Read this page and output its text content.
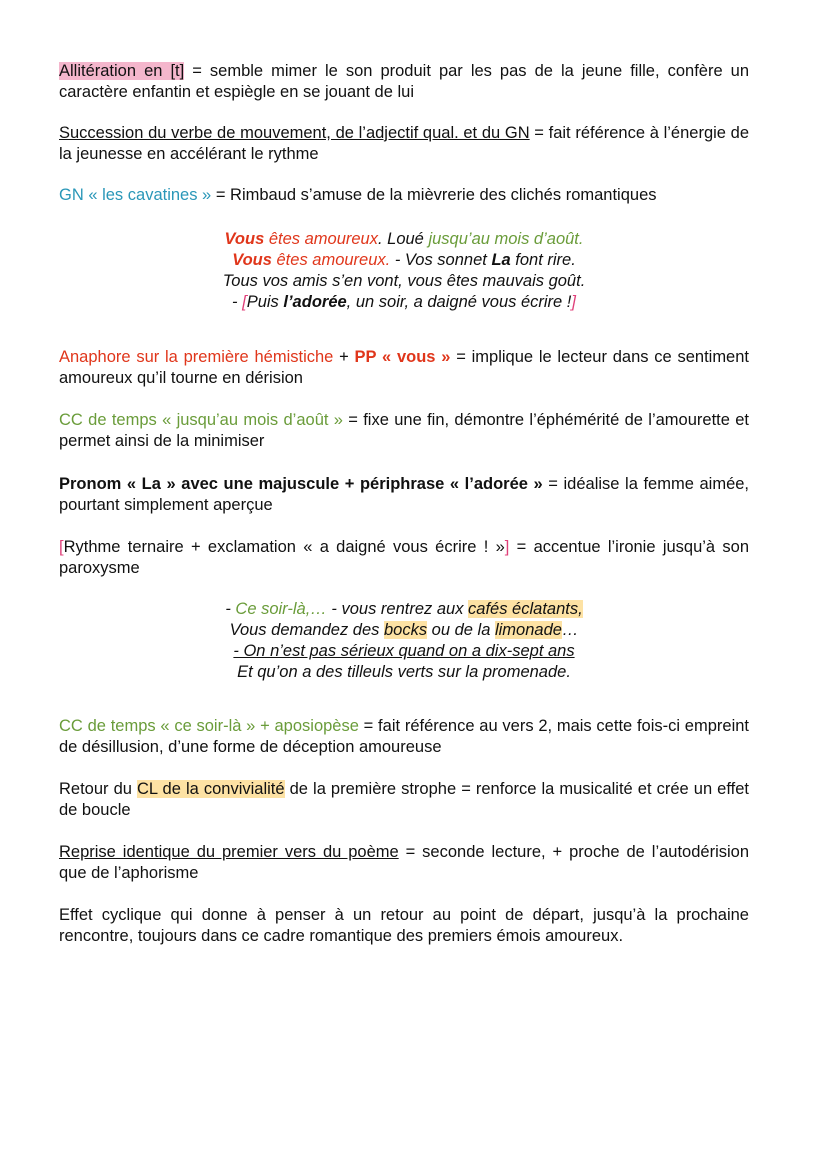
Allitération en [t] = semble mimer le son produit par les pas de la jeune fille, confère un caractère enfantin et espiègle en se jouant de lui

Succession du verbe de mouvement, de l’adjectif qual. et du GN = fait référence à l’énergie de la jeunesse en accélérant le rythme

GN « les cavatines » = Rimbaud s’amuse de la mièvrerie des clichés romantiques

Vous êtes amoureux. Loué jusqu’au mois d’août.
Vous êtes amoureux. - Vos sonnet La font rire.
Tous vos amis s’en vont, vous êtes mauvais goût.
- [Puis l’adorée, un soir, a daigné vous écrire !]

Anaphore sur la première hémistiche + PP « vous » = implique le lecteur dans ce sentiment amoureux qu’il tourne en dérision

CC de temps « jusqu’au mois d’août » = fixe une fin, démontre l’éphémérité de l’amourette et permet ainsi de la minimiser

Pronom « La » avec une majuscule + périphrase « l’adorée » = idéalise la femme aimée, pourtant simplement aperçue

[Rythme ternaire + exclamation « a daigné vous écrire ! »] = accentue l’ironie jusqu’à son paroxysme

- Ce soir-là,… - vous rentrez aux cafés éclatants,
Vous demandez des bocks ou de la limonade…
- On n’est pas sérieux quand on a dix-sept ans
Et qu’on a des tilleuls verts sur la promenade.

CC de temps « ce soir-là » + aposiopèse = fait référence au vers 2, mais cette fois-ci empreint de désillusion, d’une forme de déception amoureuse

Retour du CL de la convivialité de la première strophe = renforce la musicalité et crée un effet de boucle

Reprise identique du premier vers du poème = seconde lecture, + proche de l’autodérision que de l’aphorisme

Effet cyclique qui donne à penser à un retour au point de départ, jusqu’à la prochaine rencontre, toujours dans ce cadre romantique des premiers émois amoureux.
